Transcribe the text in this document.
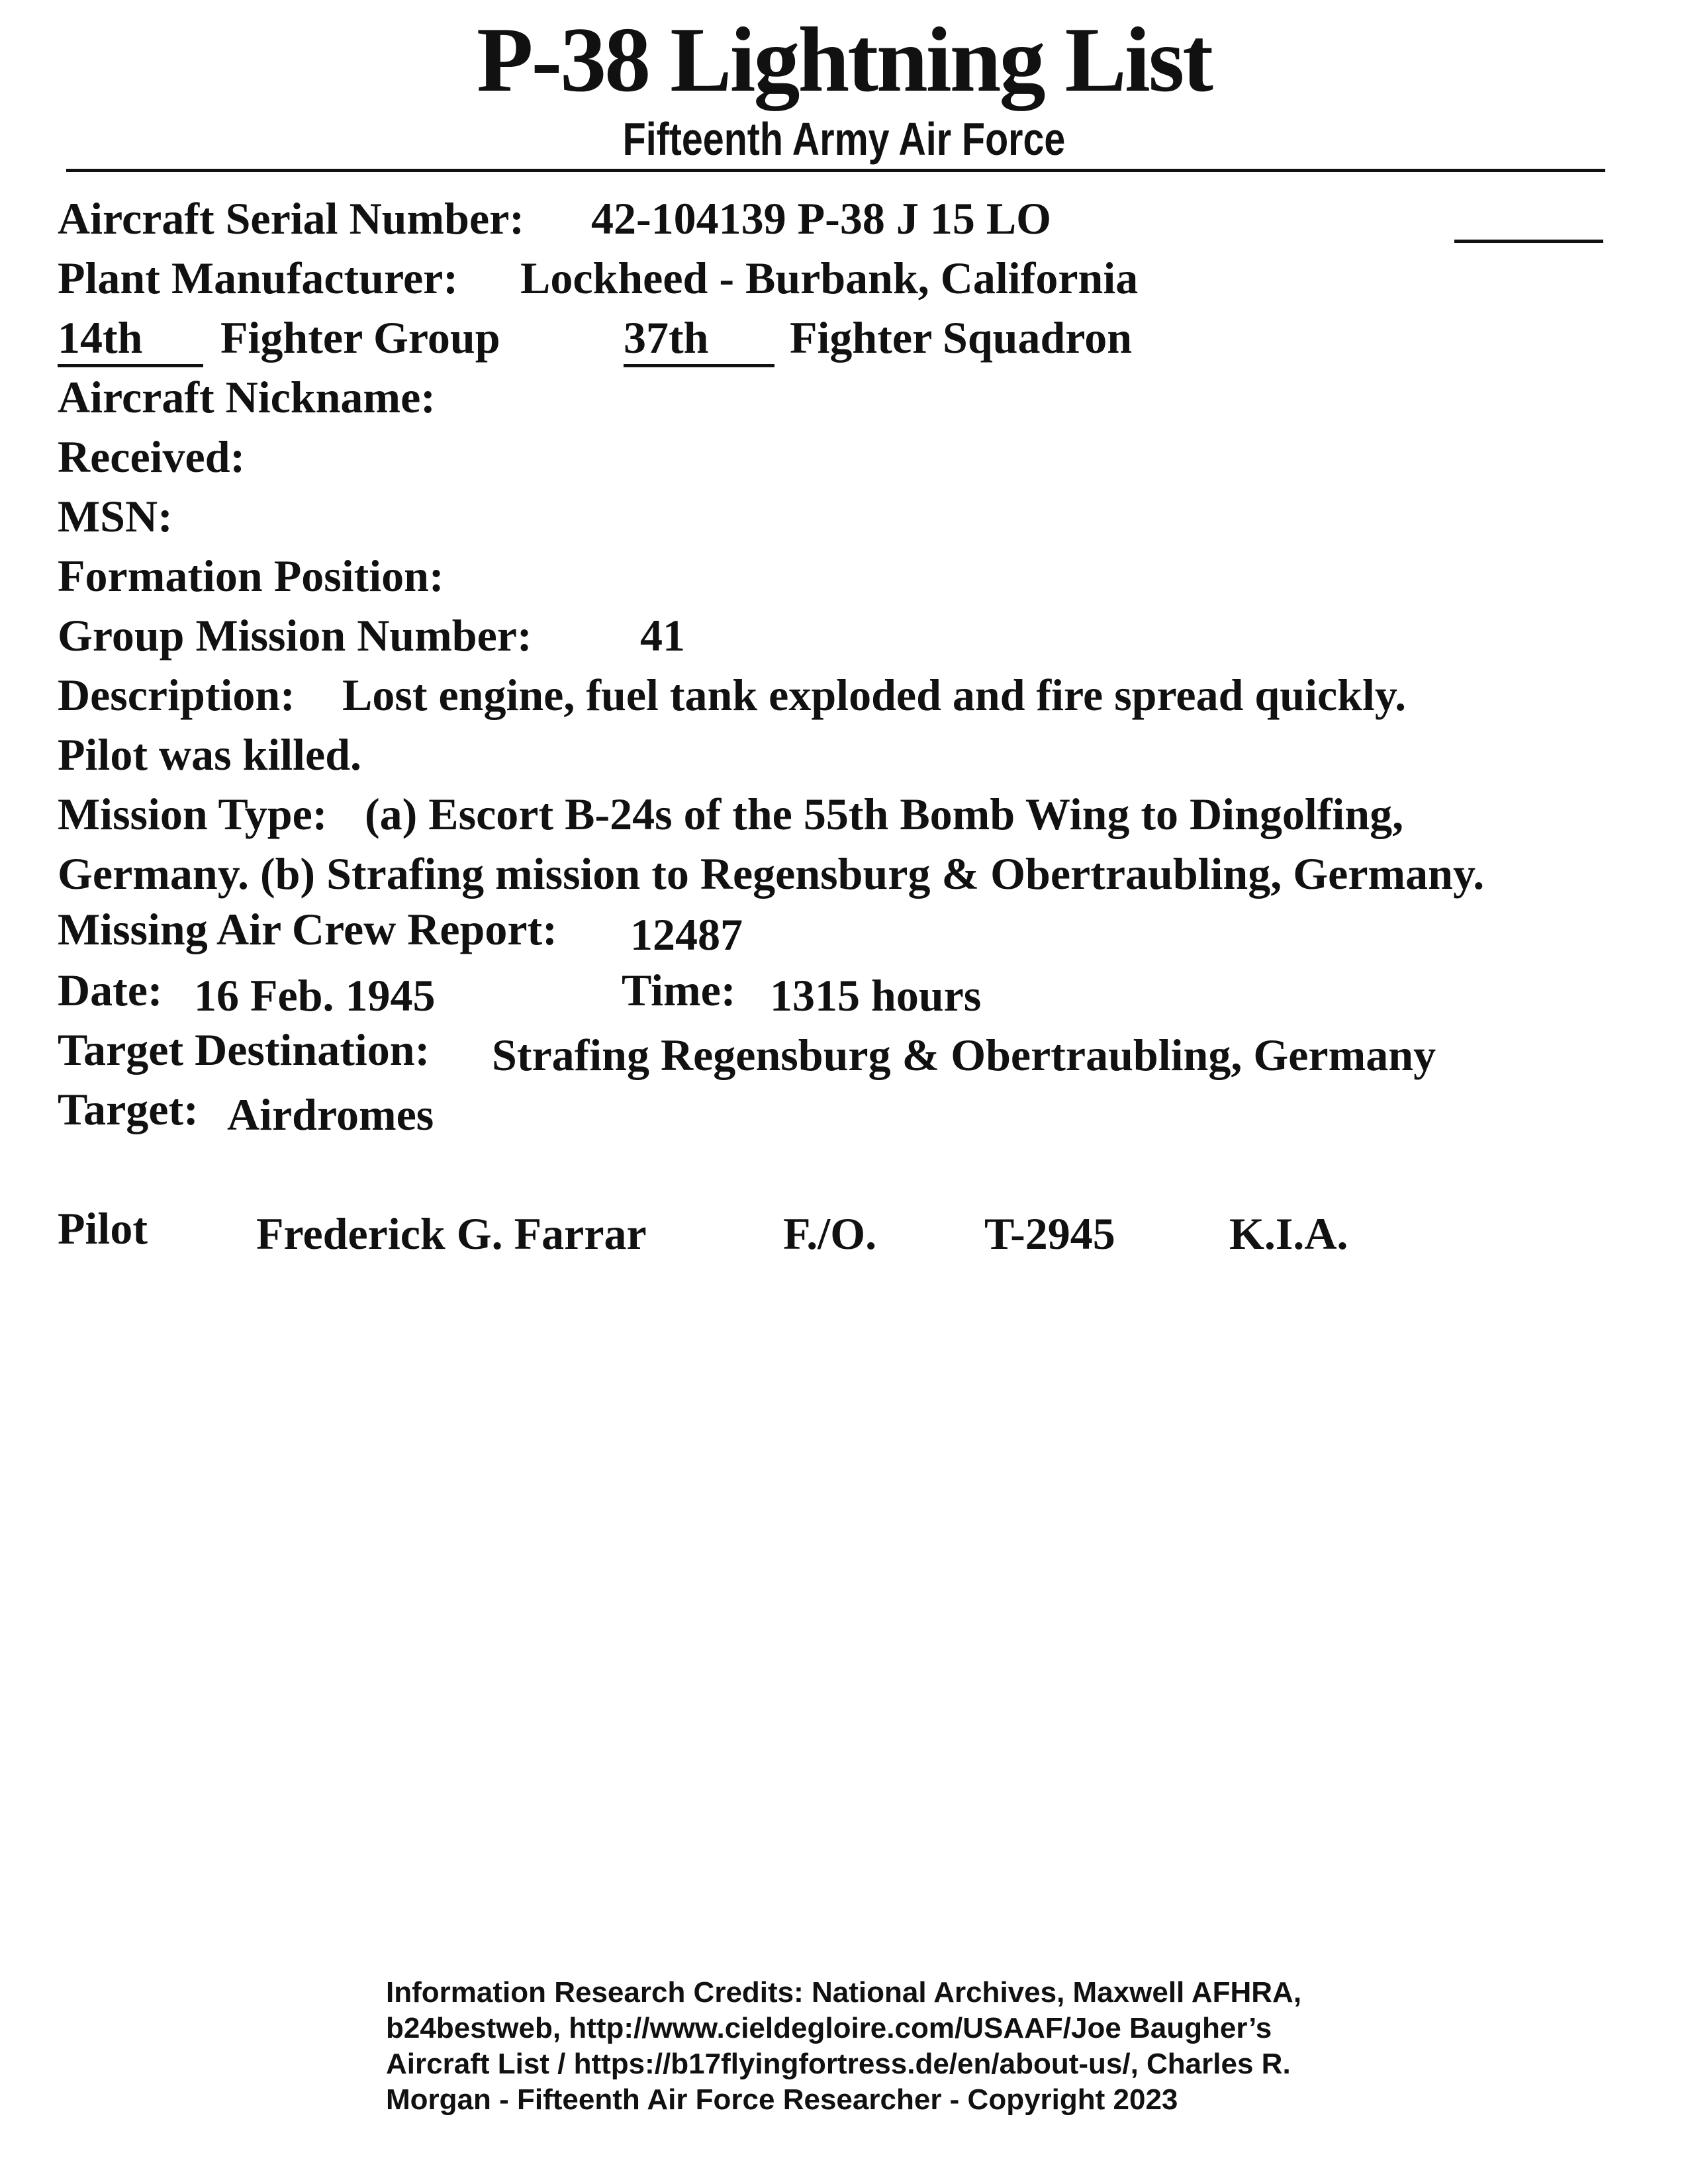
P-38 Lightning List
Fifteenth Army Air Force
Aircraft Serial Number: 42-104139 P-38 J 15 LO
Plant Manufacturer: Lockheed - Burbank, California
14th	Fighter Group	37th	Fighter Squadron
Aircraft Nickname:
Received:
MSN:
Formation Position:
Group Mission Number: 41
Description: Lost engine, fuel tank exploded and fire spread quickly.
Pilot was killed.
Mission Type: (a) Escort B-24s of the 55th Bomb Wing to Dingolfing,
Germany. (b) Strafing mission to Regensburg & Obertraubling, Germany.
Missing Air Crew Report: 12487
Date: 16 Feb. 1945	Time: 1315 hours
Target Destination: Strafing Regensburg & Obertraubling, Germany
Target: Airdromes
Pilot Frederick G. Farrar	F./O. T-2945	K.I.A.
Information Research Credits: National Archives, Maxwell AFHRA,
b24bestweb, http://www.cieldegloire.com/USAAF/Joe Baugher’s
Aircraft List / https://b17flyingfortress.de/en/about-us/, Charles R.
Morgan - Fifteenth Air Force Researcher - Copyright 2023
